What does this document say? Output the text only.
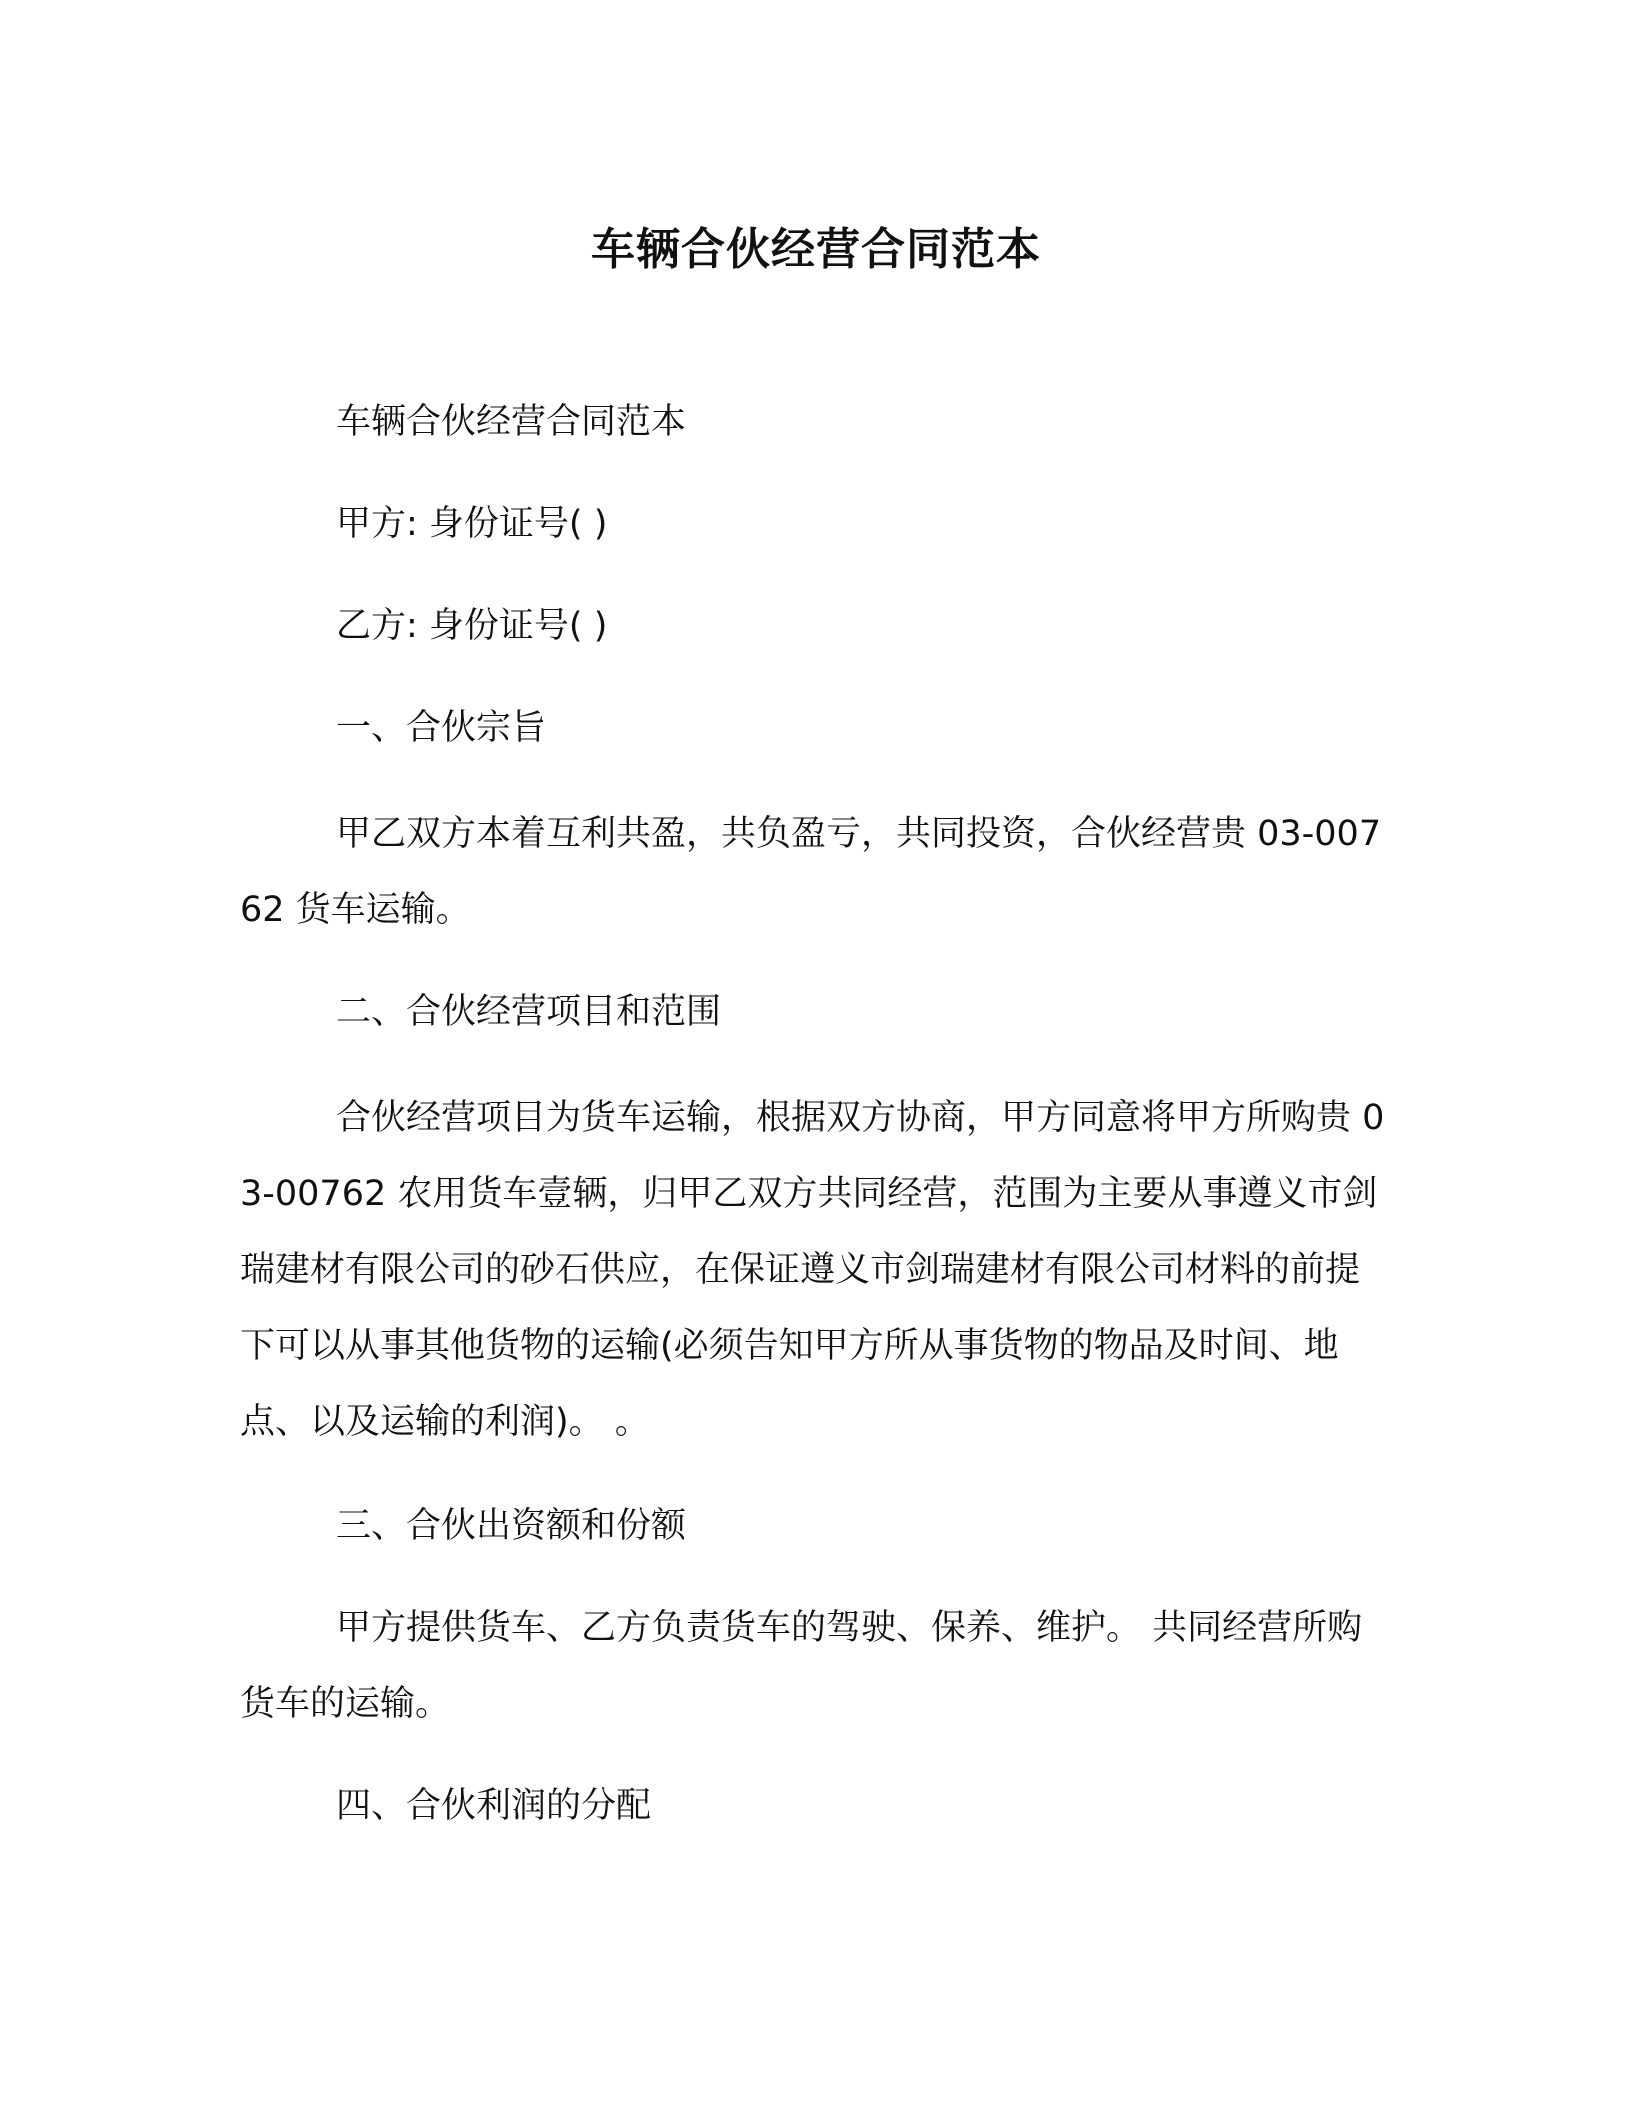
车辆合伙经营合同范本

车辆合伙经营合同范本

甲方: 身份证号( )

乙方: 身份证号( )

一、合伙宗旨

甲乙双方本着互利共盈，共负盈亏，共同投资，合伙经营贵 03-00762 货车运输。

二、合伙经营项目和范围

合伙经营项目为货车运输，根据双方协商，甲方同意将甲方所购贵 03-00762 农用货车壹辆，归甲乙双方共同经营，范围为主要从事遵义市剑瑞建材有限公司的砂石供应，在保证遵义市剑瑞建材有限公司材料的前提下可以从事其他货物的运输(必须告知甲方所从事货物的物品及时间、地点、以及运输的利润)。 。

三、合伙出资额和份额

甲方提供货车、乙方负责货车的驾驶、保养、维护。 共同经营所购货车的运输。

四、合伙利润的分配
